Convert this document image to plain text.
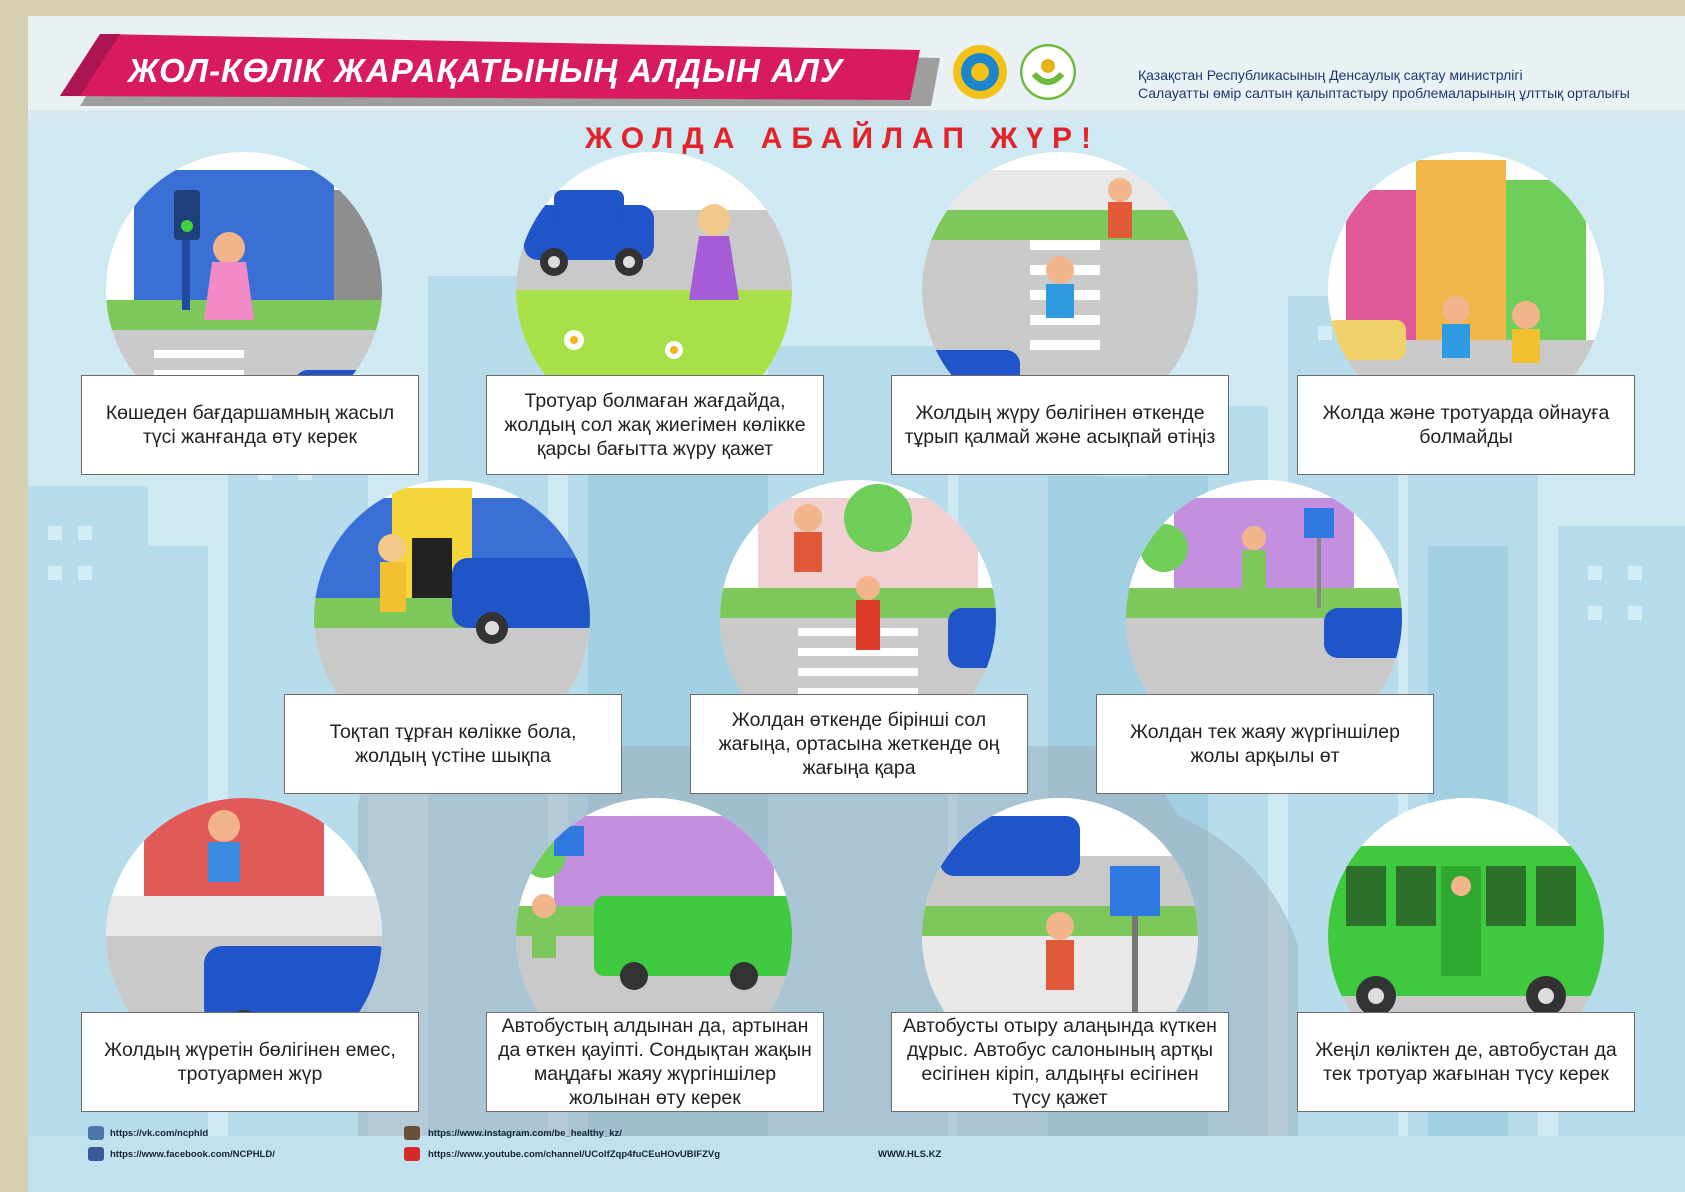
ЖОЛ-КӨЛІК ЖАРАҚАТЫНЫҢ АЛДЫН АЛУ	Қазақстан Республикасының Денсаулық сақтау министрлігі
Салауатты өмір салтын қалыптастыру проблемаларының ұлттық орталығы
ЖОЛДА АБАЙЛАП ЖҮР!
Көшеден бағдаршамның жасыл түсі жанғанда өту керек
Тротуар болмаған жағдайда, жолдың сол жақ жиегімен көлікке қарсы бағытта жүру қажет
Жолдың жүру бөлігінен өткенде тұрып қалмай және асықпай өтіңіз
Жолда және тротуарда ойнауға болмайды
Тоқтап тұрған көлікке бола, жолдың үстіне шықпа
Жолдан өткенде бірінші сол жағыңа, ортасына жеткенде оң жағыңа қара
Жолдан тек жаяу жүргіншілер жолы арқылы өт
Жолдың жүретін бөлігінен емес, тротуармен жүр
Автобустың алдынан да, артынан да өткен қауіпті. Сондықтан жақын маңдағы жаяу жүргіншілер жолынан өту керек
Автобусты отыру алаңында күткен дұрыс. Автобус салонының артқы есігінен кіріп, алдыңғы есігінен түсу қажет
Жеңіл көліктен де, автобустан да тек тротуар жағынан түсу керек
https://vk.com/ncphld
https://www.facebook.com/NCPHLD/
https://www.instagram.com/be_healthy_kz/
https://www.youtube.com/channel/UColfZqp4fuCEuHOvUBIFZVg	WWW.HLS.KZ
